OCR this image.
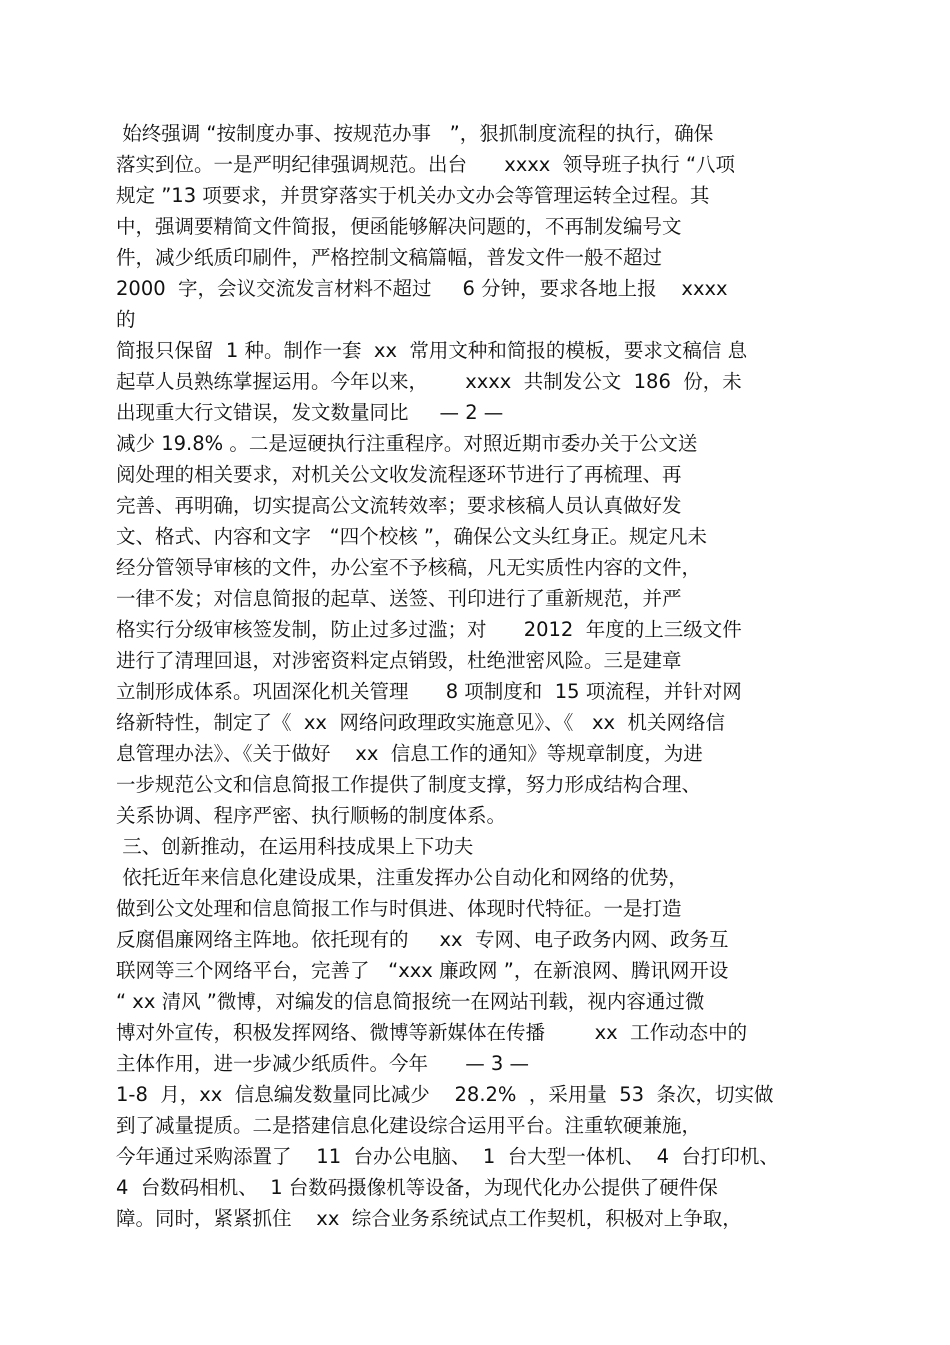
始终强调 “按制度办事、按规范办事   ”，狠抓制度流程的执行，确保

落实到位。一是严明纪律强调规范。出台      xxxx  领导班子执行 “八项

规定 ”13 项要求，并贯穿落实于机关办文办会等管理运转全过程。其

中，强调要精简文件简报，便函能够解决问题的，不再制发编号文

件，减少纸质印刷件，严格控制文稿篇幅，普发文件一般不超过

2000  字，会议交流发言材料不超过     6 分钟，要求各地上报    xxxx

的

简报只保留  1 种。制作一套  xx  常用文种和简报的模板，要求文稿信 息

起草人员熟练掌握运用。今年以来，      xxxx  共制发公文  186  份，未

出现重大行文错误，发文数量同比     — 2 —

减少 19.8% 。二是逗硬执行注重程序。对照近期市委办关于公文送

阅处理的相关要求，对机关公文收发流程逐环节进行了再梳理、再

完善、再明确，切实提高公文流转效率；要求核稿人员认真做好发

文、格式、内容和文字   “四个校核 ”，确保公文头红身正。规定凡未

经分管领导审核的文件，办公室不予核稿，凡无实质性内容的文件，

一律不发；对信息简报的起草、送签、刊印进行了重新规范，并严

格实行分级审核签发制，防止过多过滥；对      2012  年度的上三级文件

进行了清理回退，对涉密资料定点销毁，杜绝泄密风险。三是建章

立制形成体系。巩固深化机关管理      8 项制度和  15 项流程，并针对网

络新特性，制定了《  xx  网络问政理政实施意见》、《   xx  机关网络信

息管理办法》、《关于做好    xx  信息工作的通知》等规章制度，为进

一步规范公文和信息简报工作提供了制度支撑，努力形成结构合理、

关系协调、程序严密、执行顺畅的制度体系。

三、创新推动，在运用科技成果上下功夫

依托近年来信息化建设成果，注重发挥办公自动化和网络的优势，

做到公文处理和信息简报工作与时俱进、体现时代特征。一是打造

反腐倡廉网络主阵地。依托现有的     xx  专网、电子政务内网、政务互

联网等三个网络平台，完善了   “xxx 廉政网 ”，在新浪网、腾讯网开设

“ xx 清风 ”微博，对编发的信息简报统一在网站刊载，视内容通过微

博对外宣传，积极发挥网络、微博等新媒体在传播        xx  工作动态中的

主体作用，进一步减少纸质件。今年      — 3 —

1-8  月，xx  信息编发数量同比减少    28.2%  ，采用量  53  条次，切实做

到了减量提质。二是搭建信息化建设综合运用平台。注重软硬兼施，

今年通过采购添置了    11  台办公电脑、  1  台大型一体机、  4  台打印机、

4  台数码相机、  1 台数码摄像机等设备，为现代化办公提供了硬件保

障。同时，紧紧抓住    xx  综合业务系统试点工作契机，积极对上争取，
